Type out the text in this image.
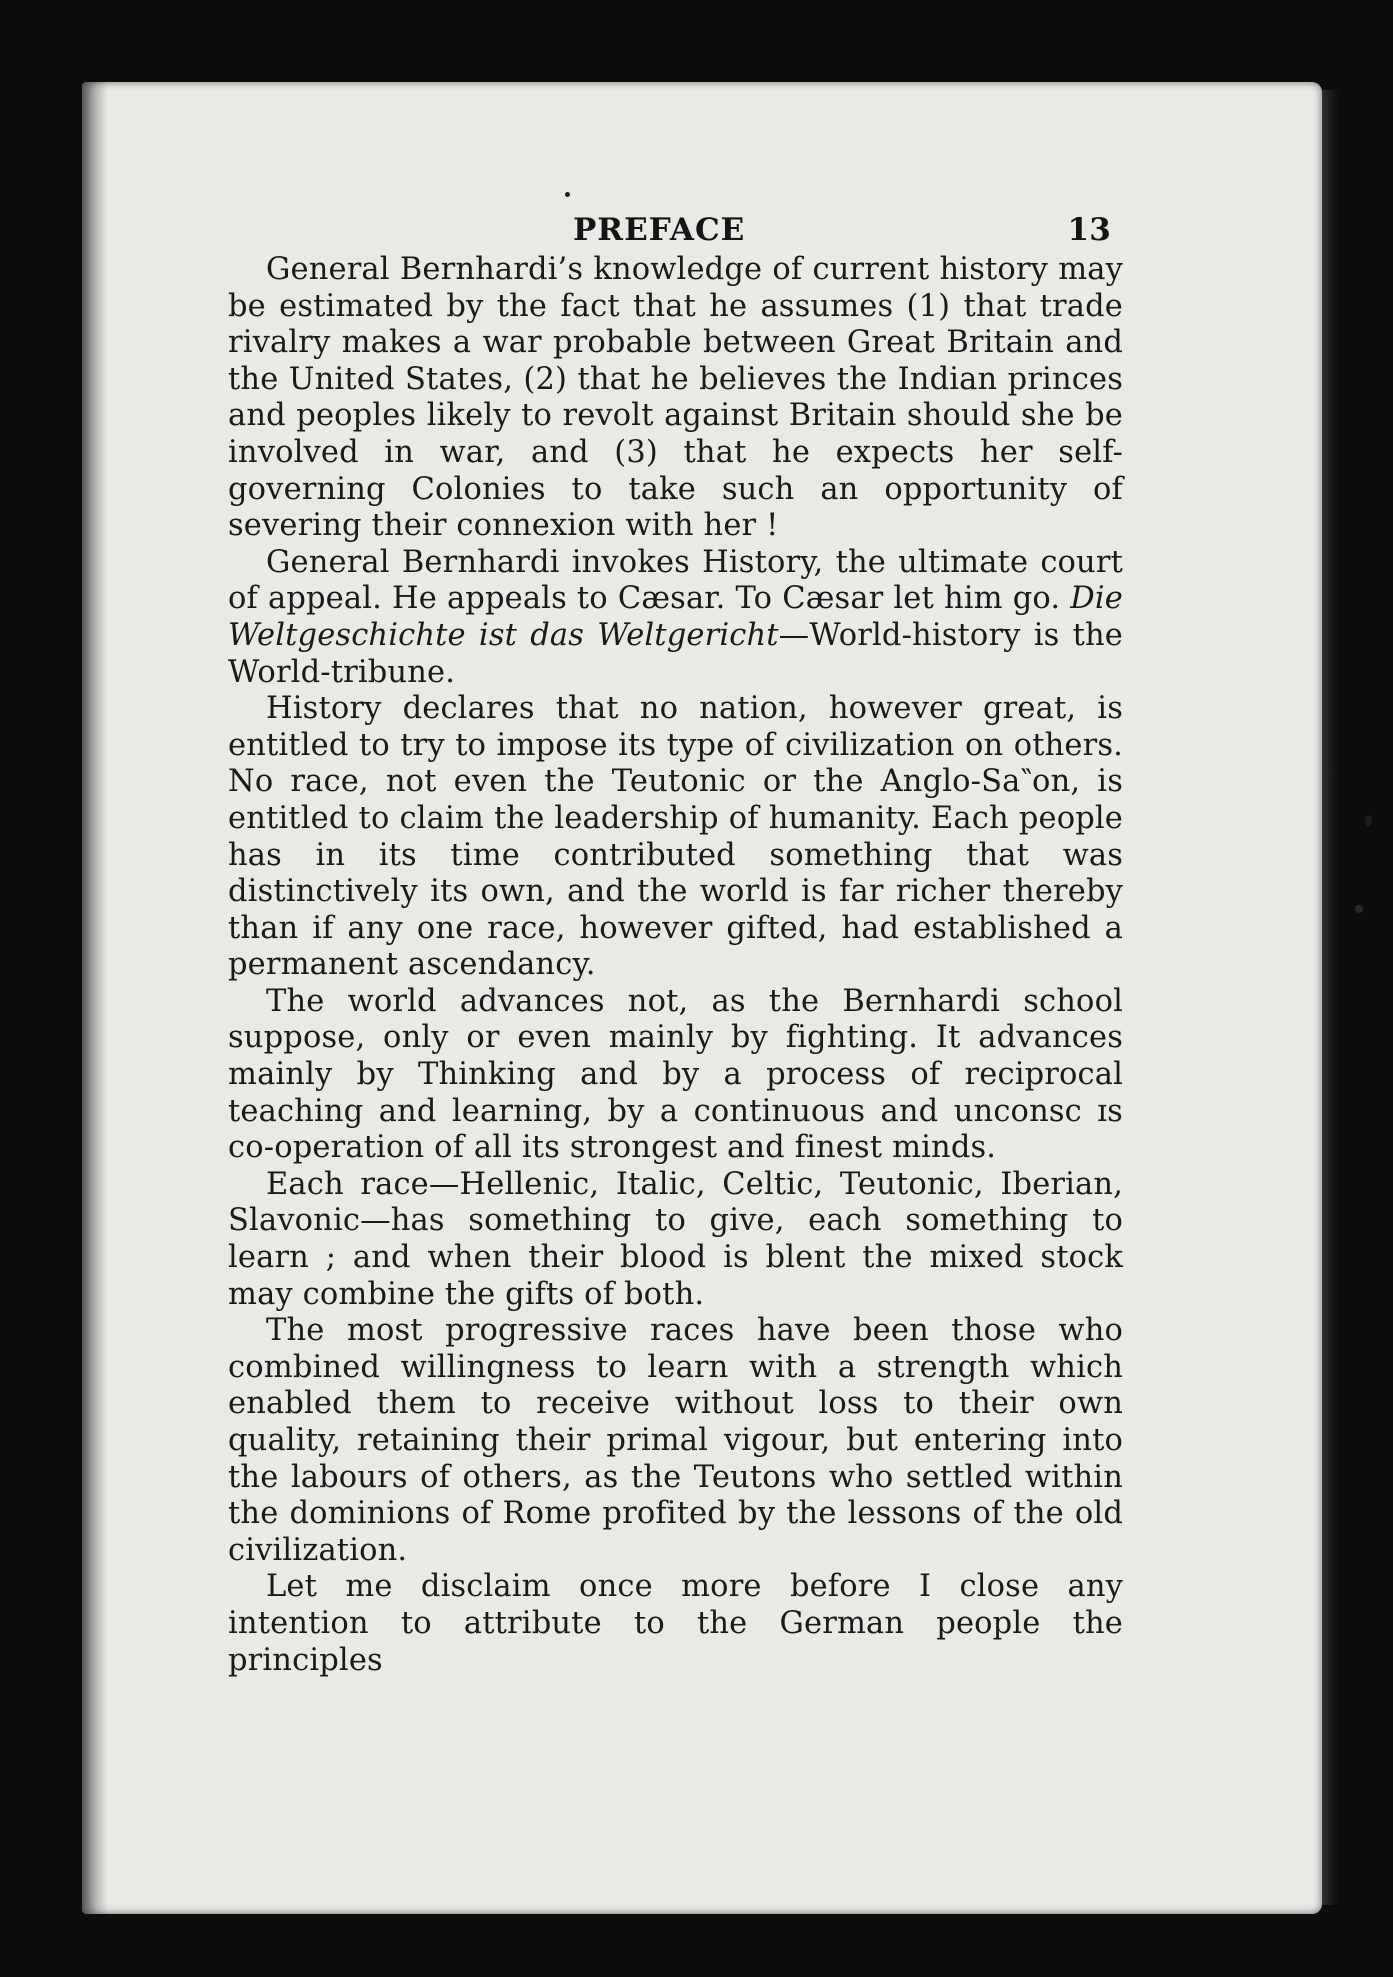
PREFACE	13

General Bernhardi’s knowledge of current history may be estimated by the fact that he assumes (1) that trade rivalry makes a war probable between Great Britain and the United States, (2) that he believes the Indian princes and peoples likely to revolt against Britain should she be involved in war, and (3) that he expects her self-governing Colonies to take such an opportunity of severing their connexion with her !

General Bernhardi invokes History, the ultimate court of appeal. He appeals to Cæsar. To Cæsar let him go. Die Weltgeschichte ist das Weltgericht—World-history is the World-tribune.

History declares that no nation, however great, is entitled to try to impose its type of civilization on others. No race, not even the Teutonic or the Anglo-Sa‶on, is entitled to claim the leadership of humanity. Each people has in its time contributed something that was distinctively its own, and the world is far richer thereby than if any one race, however gifted, had established a permanent ascendancy.

The world advances not, as the Bernhardi school suppose, only or even mainly by fighting. It advances mainly by Thinking and by a process of reciprocal teaching and learning, by a continuous and unconsc ɪs co-operation of all its strongest and finest minds.

Each race—Hellenic, Italic, Celtic, Teutonic, Iberian, Slavonic—has something to give, each something to learn ; and when their blood is blent the mixed stock may combine the gifts of both.

The most progressive races have been those who combined willingness to learn with a strength which enabled them to receive without loss to their own quality, retaining their primal vigour, but entering into the labours of others, as the Teutons who settled within the dominions of Rome profited by the lessons of the old civilization.

Let me disclaim once more before I close any intention to attribute to the German people the principles
